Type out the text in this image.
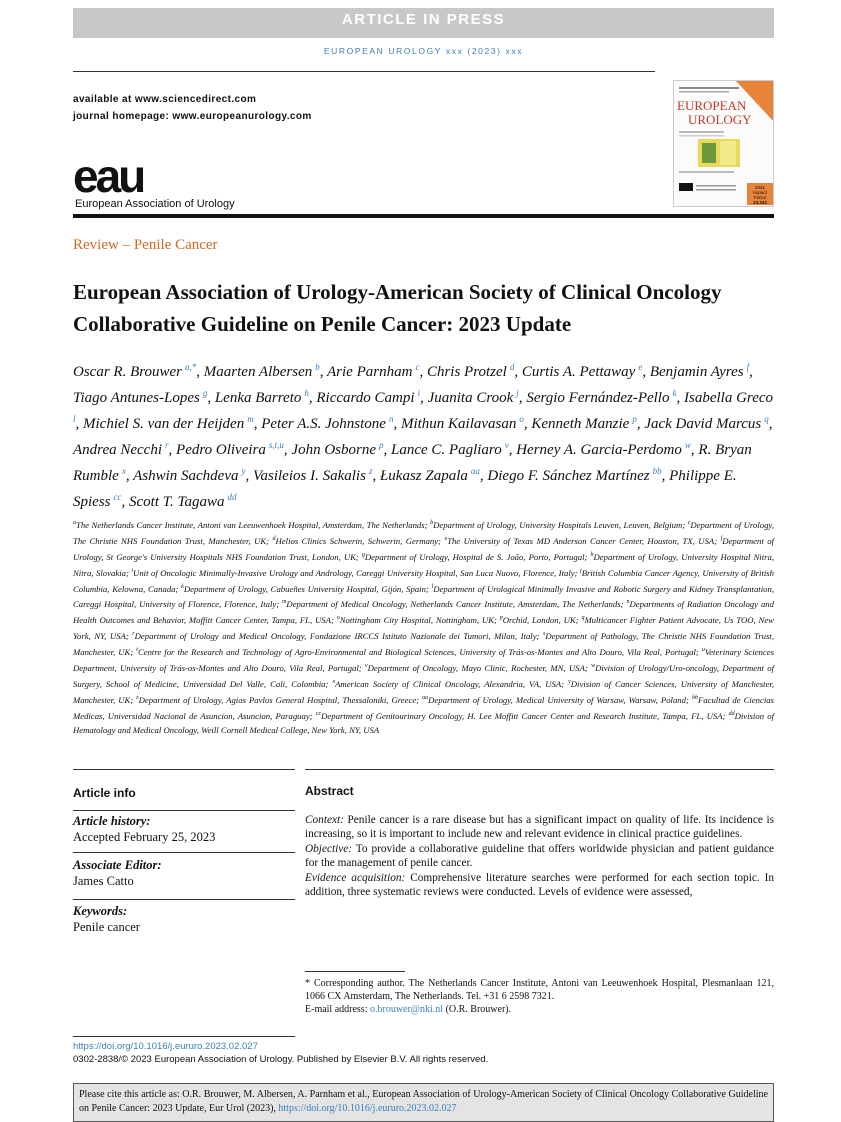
ARTICLE IN PRESS
EUROPEAN UROLOGY xxx (2023) xxx
available at www.sciencedirect.com
journal homepage: www.europeanurology.com
eau
European Association of Urology
EUROPEAN
UROLOGY
2021
Impact
Factor
24.344
Review – Penile Cancer
European Association of Urology-American Society of Clinical Oncology Collaborative Guideline on Penile Cancer: 2023 Update
Oscar R. Brouwer  $^{a,*}$, Maarten Albersen  $^b$, Arie Parnham  $^c$, Chris Protzel  $^d$, Curtis A. Pettaway  $^e$, Benjamin Ayres  $^f$, Tiago Antunes-Lopes  $^g$, Lenka Barreto  $^h$, Riccardo Campi  $^i$, Juanita Crook  $^j$, Sergio Fernández-Pello  $^k$, Isabella Greco $^l$, Michiel S. van der Heijden  $^m$, Peter A.S. Johnstone  $^n$, Mithun Kailavasan  $^o$, Kenneth Manzie  $^p$, Jack David Marcus  $^q$, Andrea Necchi  $^r$, Pedro Oliveira  $^{s,t,u}$, John Osborne  $^p$, Lance C. Pagliaro  $^v$, Herney A. Garcia-Perdomo  $^w$, R. Bryan Rumble  $^x$, Ashwin Sachdeva  $^y$, Vasileios I. Sakalis  $^z$, Łukasz Zapala  $^{aa}$, Diego F. Sánchez Martínez  $^{bb}$, Philippe E. Spiess  $^{cc}$, Scott T. Tagawa  $^{dd}$
$^a$The Netherlands Cancer Institute, Antoni van Leeuwenhoek Hospital, Amsterdam, The Netherlands; $^b$Department of Urology, University Hospitals Leuven, Leuven, Belgium; $^c$Department of Urology, The Christie NHS Foundation Trust, Manchester, UK; $^d$Helios Clinics Schwerin, Schwerin, Germany; $^e$The University of Texas MD Anderson Cancer Center, Houston, TX, USA; $^f$Department of Urology, St George's University Hospitals NHS Foundation Trust, London, UK; $^g$Department of Urology, Hospital de S. João, Porto, Portugal; $^h$Department of Urology, University Hospital Nitra, Nitra, Slovakia; $^i$Unit of Oncologic Minimally-Invasive Urology and Andrology, Careggi University Hospital, San Luca Nuovo, Florence, Italy; $^j$British Columbia Cancer Agency, University of British Columbia, Kelowna, Canada; $^k$Department of Urology, Cabueñes University Hospital, Gijón, Spain; $^l$Department of Urological Minimally Invasive and Robotic Surgery and Kidney Transplantation, Careggi Hospital, University of Florence, Florence, Italy; $^m$Department of Medical Oncology, Netherlands Cancer Institute, Amsterdam, The Netherlands; $^n$Departments of Radiation Oncology and Health Outcomes and Behavior, Moffitt Cancer Center, Tampa, FL, USA; $^o$Nottingham City Hospital, Nottingham, UK; $^p$Orchid, London, UK; $^q$Multicancer Fighter Patient Advocate, Us TOO, New York, NY, USA; $^r$Department of Urology and Medical Oncology, Fondazione IRCCS Istituto Nazionale dei Tumori, Milan, Italy; $^s$Department of Pathology, The Christie NHS Foundation Trust, Manchester, UK; $^t$Centre for the Research and Technology of Agro-Environmental and Biological Sciences, University of Trás-os-Montes and Alto Douro, Vila Real, Portugal; $^u$Veterinary Sciences Department, University of Trás-os-Montes and Alto Douro, Vila Real, Portugal; $^v$Department of Oncology, Mayo Clinic, Rochester, MN, USA; $^w$Division of Urology/Uro-oncology, Department of Surgery, School of Medicine, Universidad Del Valle, Cali, Colombia; $^x$American Society of Clinical Oncology, Alexandria, VA, USA; $^y$Division of Cancer Sciences, University of Manchester, Manchester, UK; $^z$Department of Urology, Agios Pavlos General Hospital, Thessaloniki, Greece; $^{aa}$Department of Urology, Medical University of Warsaw, Warsaw, Poland; $^{bb}$Facultad de Ciencias Medicas, Universidad Nacional de Asuncion, Asuncion, Paraguay; $^{cc}$Department of Genitourinary Oncology, H. Lee Moffitt Cancer Center and Research Institute, Tampa, FL, USA; $^{dd}$Division of Hematology and Medical Oncology, Weill Cornell Medical College, New York, NY, USA
Article info
Article history:
Accepted February 25, 2023
Associate Editor:
James Catto
Keywords:
Penile cancer
Abstract

Context: Penile cancer is a rare disease but has a significant impact on quality of life. Its incidence is increasing, so it is important to include new and relevant evidence in clinical practice guidelines.

Objective: To provide a collaborative guideline that offers worldwide physician and patient guidance for the management of penile cancer.

Evidence acquisition: Comprehensive literature searches were performed for each section topic. In addition, three systematic reviews were conducted. Levels of evidence were assessed,

* Corresponding author. The Netherlands Cancer Institute, Antoni van Leeuwenhoek Hospital, Plesmanlaan 121, 1066 CX Amsterdam, The Netherlands. Tel. +31 6 2598 7321.
E-mail address: o.brouwer@nki.nl (O.R. Brouwer).
https://doi.org/10.1016/j.eururo.2023.02.027
0302-2838/© 2023 European Association of Urology. Published by Elsevier B.V. All rights reserved.
Please cite this article as: O.R. Brouwer, M. Albersen, A. Parnham et al., European Association of Urology-American Society of Clinical Oncology Collaborative Guideline on Penile Cancer: 2023 Update, Eur Urol (2023), https://doi.org/10.1016/j.eururo.2023.02.027
